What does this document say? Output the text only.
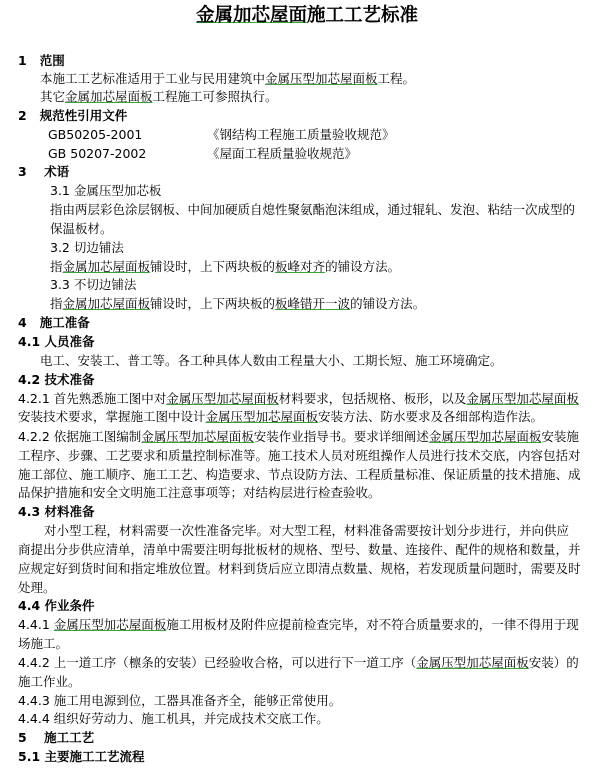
金属加芯屋面施工工艺标准
1 范围
本施工工艺标准适用于工业与民用建筑中金属压型加芯屋面板工程。
其它金属加芯屋面板工程施工可参照执行。
2 规范性引用文件
GB50205-2001	《钢结构工程施工质量验收规范》
GB 50207-2002	《屋面工程质量验收规范》
3 术语
3.1 金属压型加芯板
指由两层彩色涂层钢板、中间加硬质自熄性聚氨酯泡沫组成，通过辊轧、发泡、粘结一次成型的
保温板材。
3.2 切边铺法
指金属加芯屋面板铺设时，上下两块板的板峰对齐的铺设方法。
3.3 不切边铺法
指金属加芯屋面板铺设时，上下两块板的板峰错开一波的铺设方法。
4 施工准备
4.1 人员准备
电工、安装工、普工等。各工种具体人数由工程量大小、工期长短、施工环境确定。
4.2 技术准备
4.2.1 首先熟悉施工图中对金属压型加芯屋面板材料要求，包括规格、板形，以及金属压型加芯屋面板
安装技术要求，掌握施工图中设计金属压型加芯屋面板安装方法、防水要求及各细部构造作法。
4.2.2 依据施工图编制金属压型加芯屋面板安装作业指导书。要求详细阐述金属压型加芯屋面板安装施
工程序、步骤、工艺要求和质量控制标准等。施工技术人员对班组操作人员进行技术交底，内容包括对
施工部位、施工顺序、施工工艺、构造要求、节点设防方法、工程质量标准、保证质量的技术措施、成
品保护措施和安全文明施工注意事项等；对结构层进行检查验收。
4.3 材料准备
对小型工程，材料需要一次性准备完毕。对大型工程，材料准备需要按计划分步进行，并向供应
商提出分步供应清单，清单中需要注明每批板材的规格、型号、数量、连接件、配件的规格和数量，并
应规定好到货时间和指定堆放位置。材料到货后应立即清点数量、规格，若发现质量问题时，需要及时
处理。
4.4 作业条件
4.4.1 金属压型加芯屋面板施工用板材及附件应提前检查完毕，对不符合质量要求的，一律不得用于现
场施工。
4.4.2 上一道工序（檩条的安装）已经验收合格，可以进行下一道工序（金属压型加芯屋面板安装）的
施工作业。
4.4.3 施工用电源到位，工器具准备齐全，能够正常使用。
4.4.4 组织好劳动力、施工机具，并完成技术交底工作。
5 施工工艺
5.1 主要施工工艺流程
